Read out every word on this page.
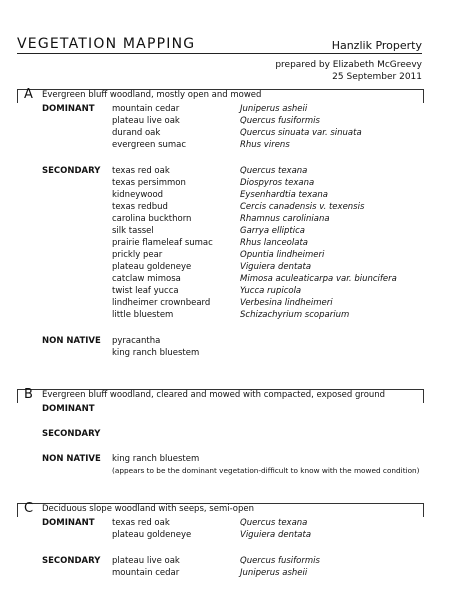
VEGETATION MAPPING	Hanzlik Property
prepared by Elizabeth McGreevy
25 September 2011
A Evergreen bluff woodland, mostly open and mowed
DOMINANT mountain cedar	Juniperus asheii
plateau live oak	Quercus fusiformis
durand oak	Quercus sinuata var. sinuata
evergreen sumac	Rhus virens
SECONDARY texas red oak	Quercus texana
texas persimmon	Diospyros texana
kidneywood	Eysenhardtia texana
texas redbud	Cercis canadensis v. texensis
carolina buckthorn	Rhamnus caroliniana
silk tassel	Garrya elliptica
prairie flameleaf sumac	Rhus lanceolata
prickly pear	Opuntia lindheimeri
plateau goldeneye	Viguiera dentata
catclaw mimosa	Mimosa aculeaticarpa var. biuncifera
twist leaf yucca	Yucca rupicola
lindheimer crownbeard	Verbesina lindheimeri
little bluestem	Schizachyrium scoparium
NON NATIVE pyracantha
king ranch bluestem
B Evergreen bluff woodland, cleared and mowed with compacted, exposed ground
DOMINANT
SECONDARY
NON NATIVE king ranch bluestem
(appears to be the dominant vegetation-difficult to know with the mowed condition)
C Deciduous slope woodland with seeps, semi-open
DOMINANT texas red oak	Quercus texana
plateau goldeneye	Viguiera dentata
SECONDARY plateau live oak	Quercus fusiformis
mountain cedar	Juniperus asheii
